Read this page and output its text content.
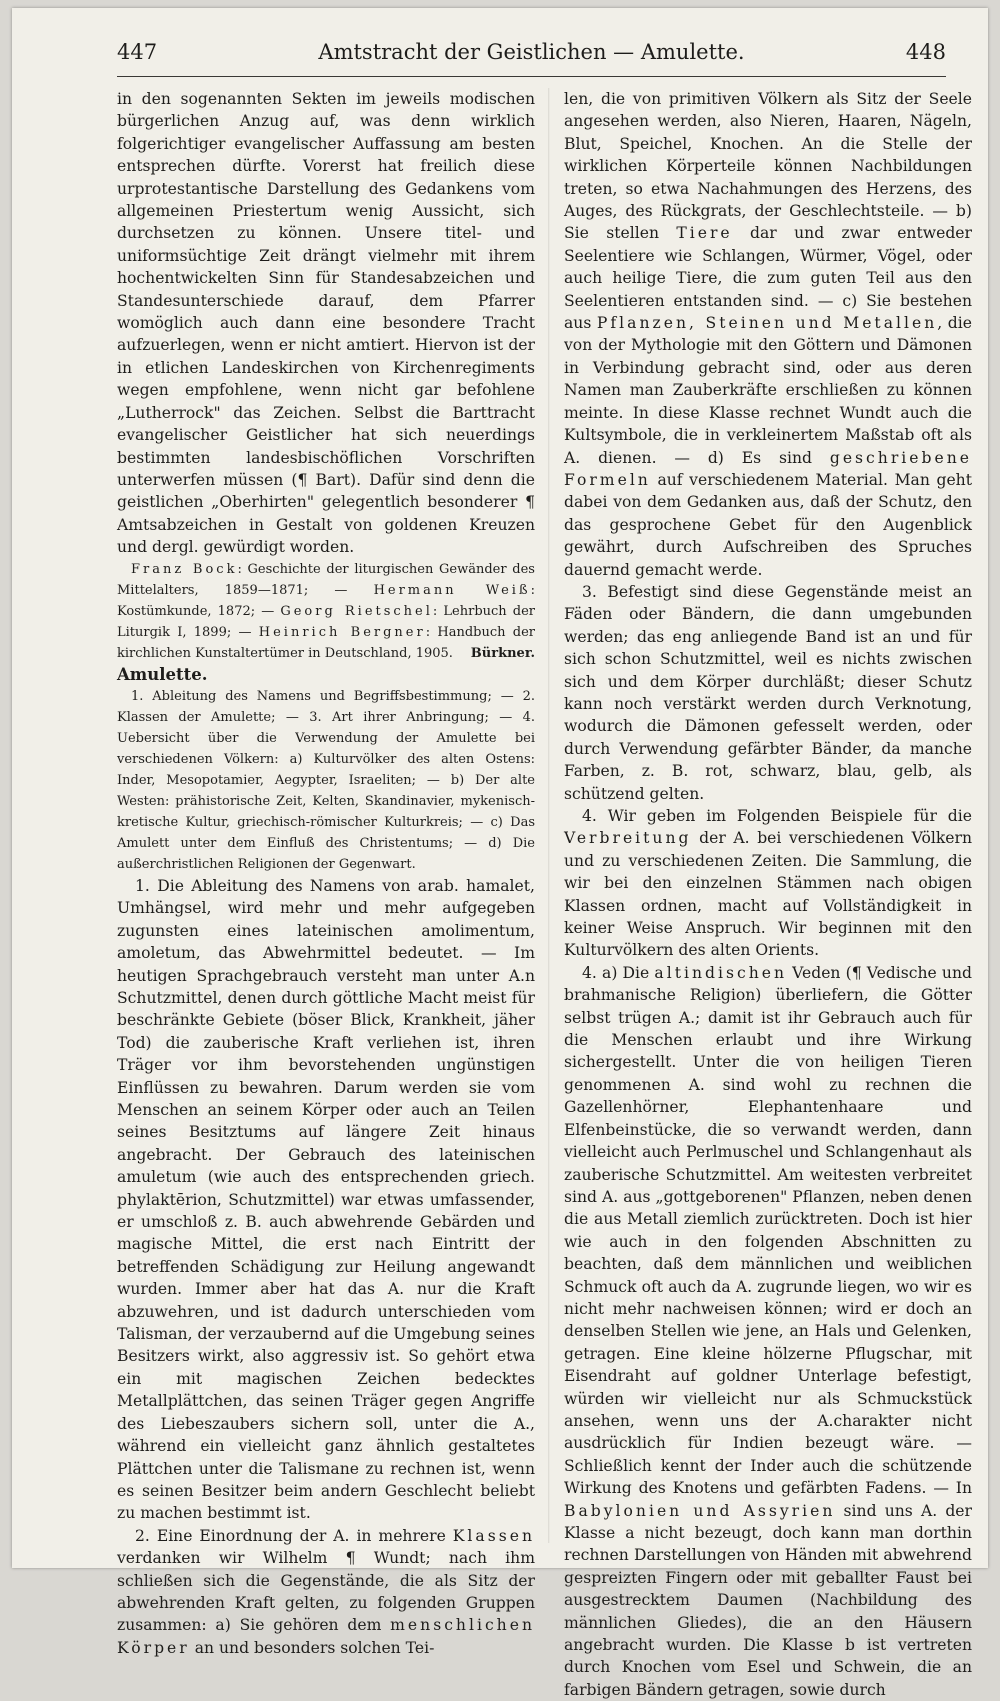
447	Amtstracht der Geistlichen — Amulette.	448

in den sogenannten Sekten im jeweils modischen bürgerlichen Anzug auf, was denn wirklich folgerichtiger evangelischer Auffassung am besten entsprechen dürfte. Vorerst hat freilich diese urprotestantische Darstellung des Gedankens vom allgemeinen Priestertum wenig Aussicht, sich durchsetzen zu können. Unsere titel- und uniformsüchtige Zeit drängt vielmehr mit ihrem hochentwickelten Sinn für Standesabzeichen und Standesunterschiede darauf, dem Pfarrer womöglich auch dann eine besondere Tracht aufzuerlegen, wenn er nicht amtiert. Hiervon ist der in etlichen Landeskirchen von Kirchenregiments wegen empfohlene, wenn nicht gar befohlene „Lutherrock" das Zeichen. Selbst die Barttracht evangelischer Geistlicher hat sich neuerdings bestimmten landesbischöflichen Vorschriften unterwerfen müssen (¶ Bart). Dafür sind denn die geistlichen „Oberhirten" gelegentlich besonderer ¶ Amtsabzeichen in Gestalt von goldenen Kreuzen und dergl. gewürdigt worden.

Franz Bock: Geschichte der liturgischen Gewänder des Mittelalters, 1859—1871; — Hermann Weiß: Kostümkunde, 1872; — Georg Rietschel: Lehrbuch der Liturgik I, 1899; — Heinrich Bergner: Handbuch der kirchlichen Kunstaltertümer in Deutschland, 1905.	Bürkner.

Amulette.

1. Ableitung des Namens und Begriffsbestimmung; — 2. Klassen der Amulette; — 3. Art ihrer Anbringung; — 4. Uebersicht über die Verwendung der Amulette bei verschiedenen Völkern: a) Kulturvölker des alten Ostens: Inder, Mesopotamier, Aegypter, Israeliten; — b) Der alte Westen: prähistorische Zeit, Kelten, Skandinavier, mykenisch-kretische Kultur, griechisch-römischer Kulturkreis; — c) Das Amulett unter dem Einfluß des Christentums; — d) Die außerchristlichen Religionen der Gegenwart.

1. Die Ableitung des Namens von arab. hamalet, Umhängsel, wird mehr und mehr aufgegeben zugunsten eines lateinischen amolimentum, amoletum, das Abwehrmittel bedeutet. — Im heutigen Sprachgebrauch versteht man unter A.n Schutzmittel, denen durch göttliche Macht meist für beschränkte Gebiete (böser Blick, Krankheit, jäher Tod) die zauberische Kraft verliehen ist, ihren Träger vor ihm bevorstehenden ungünstigen Einflüssen zu bewahren. Darum werden sie vom Menschen an seinem Körper oder auch an Teilen seines Besitztums auf längere Zeit hinaus angebracht. Der Gebrauch des lateinischen amuletum (wie auch des entsprechenden griech. phylaktērion, Schutzmittel) war etwas umfassender, er umschloß z. B. auch abwehrende Gebärden und magische Mittel, die erst nach Eintritt der betreffenden Schädigung zur Heilung angewandt wurden. Immer aber hat das A. nur die Kraft abzuwehren, und ist dadurch unterschieden vom Talisman, der verzaubernd auf die Umgebung seines Besitzers wirkt, also aggressiv ist. So gehört etwa ein mit magischen Zeichen bedecktes Metallplättchen, das seinen Träger gegen Angriffe des Liebeszaubers sichern soll, unter die A., während ein vielleicht ganz ähnlich gestaltetes Plättchen unter die Talismane zu rechnen ist, wenn es seinen Besitzer beim andern Geschlecht beliebt zu machen bestimmt ist.

2. Eine Einordnung der A. in mehrere Klassen verdanken wir Wilhelm ¶ Wundt; nach ihm schließen sich die Gegenstände, die als Sitz der abwehrenden Kraft gelten, zu folgenden Gruppen zusammen: a) Sie gehören dem menschlichen Körper an und besonders solchen Tei-

len, die von primitiven Völkern als Sitz der Seele angesehen werden, also Nieren, Haaren, Nägeln, Blut, Speichel, Knochen. An die Stelle der wirklichen Körperteile können Nachbildungen treten, so etwa Nachahmungen des Herzens, des Auges, des Rückgrats, der Geschlechtsteile. — b) Sie stellen Tiere dar und zwar entweder Seelentiere wie Schlangen, Würmer, Vögel, oder auch heilige Tiere, die zum guten Teil aus den Seelentieren entstanden sind. — c) Sie bestehen aus Pflanzen, Steinen und Metallen, die von der Mythologie mit den Göttern und Dämonen in Verbindung gebracht sind, oder aus deren Namen man Zauberkräfte erschließen zu können meinte. In diese Klasse rechnet Wundt auch die Kultsymbole, die in verkleinertem Maßstab oft als A. dienen. — d) Es sind geschriebene Formeln auf verschiedenem Material. Man geht dabei von dem Gedanken aus, daß der Schutz, den das gesprochene Gebet für den Augenblick gewährt, durch Aufschreiben des Spruches dauernd gemacht werde.

3. Befestigt sind diese Gegenstände meist an Fäden oder Bändern, die dann umgebunden werden; das eng anliegende Band ist an und für sich schon Schutzmittel, weil es nichts zwischen sich und dem Körper durchläßt; dieser Schutz kann noch verstärkt werden durch Verknotung, wodurch die Dämonen gefesselt werden, oder durch Verwendung gefärbter Bänder, da manche Farben, z. B. rot, schwarz, blau, gelb, als schützend gelten.

4. Wir geben im Folgenden Beispiele für die Verbreitung der A. bei verschiedenen Völkern und zu verschiedenen Zeiten. Die Sammlung, die wir bei den einzelnen Stämmen nach obigen Klassen ordnen, macht auf Vollständigkeit in keiner Weise Anspruch. Wir beginnen mit den Kulturvölkern des alten Orients.

4. a) Die altindischen Veden (¶ Vedische und brahmanische Religion) überliefern, die Götter selbst trügen A.; damit ist ihr Gebrauch auch für die Menschen erlaubt und ihre Wirkung sichergestellt. Unter die von heiligen Tieren genommenen A. sind wohl zu rechnen die Gazellenhörner, Elephantenhaare und Elfenbeinstücke, die so verwandt werden, dann vielleicht auch Perlmuschel und Schlangenhaut als zauberische Schutzmittel. Am weitesten verbreitet sind A. aus „gottgeborenen" Pflanzen, neben denen die aus Metall ziemlich zurücktreten. Doch ist hier wie auch in den folgenden Abschnitten zu beachten, daß dem männlichen und weiblichen Schmuck oft auch da A. zugrunde liegen, wo wir es nicht mehr nachweisen können; wird er doch an denselben Stellen wie jene, an Hals und Gelenken, getragen. Eine kleine hölzerne Pflugschar, mit Eisendraht auf goldner Unterlage befestigt, würden wir vielleicht nur als Schmuckstück ansehen, wenn uns der A.charakter nicht ausdrücklich für Indien bezeugt wäre. — Schließlich kennt der Inder auch die schützende Wirkung des Knotens und gefärbten Fadens. — In Babylonien und Assyrien sind uns A. der Klasse a nicht bezeugt, doch kann man dorthin rechnen Darstellungen von Händen mit abwehrend gespreizten Fingern oder mit geballter Faust bei ausgestrecktem Daumen (Nachbildung des männlichen Gliedes), die an den Häusern angebracht wurden. Die Klasse b ist vertreten durch Knochen vom Esel und Schwein, die an farbigen Bändern getragen, sowie durch
